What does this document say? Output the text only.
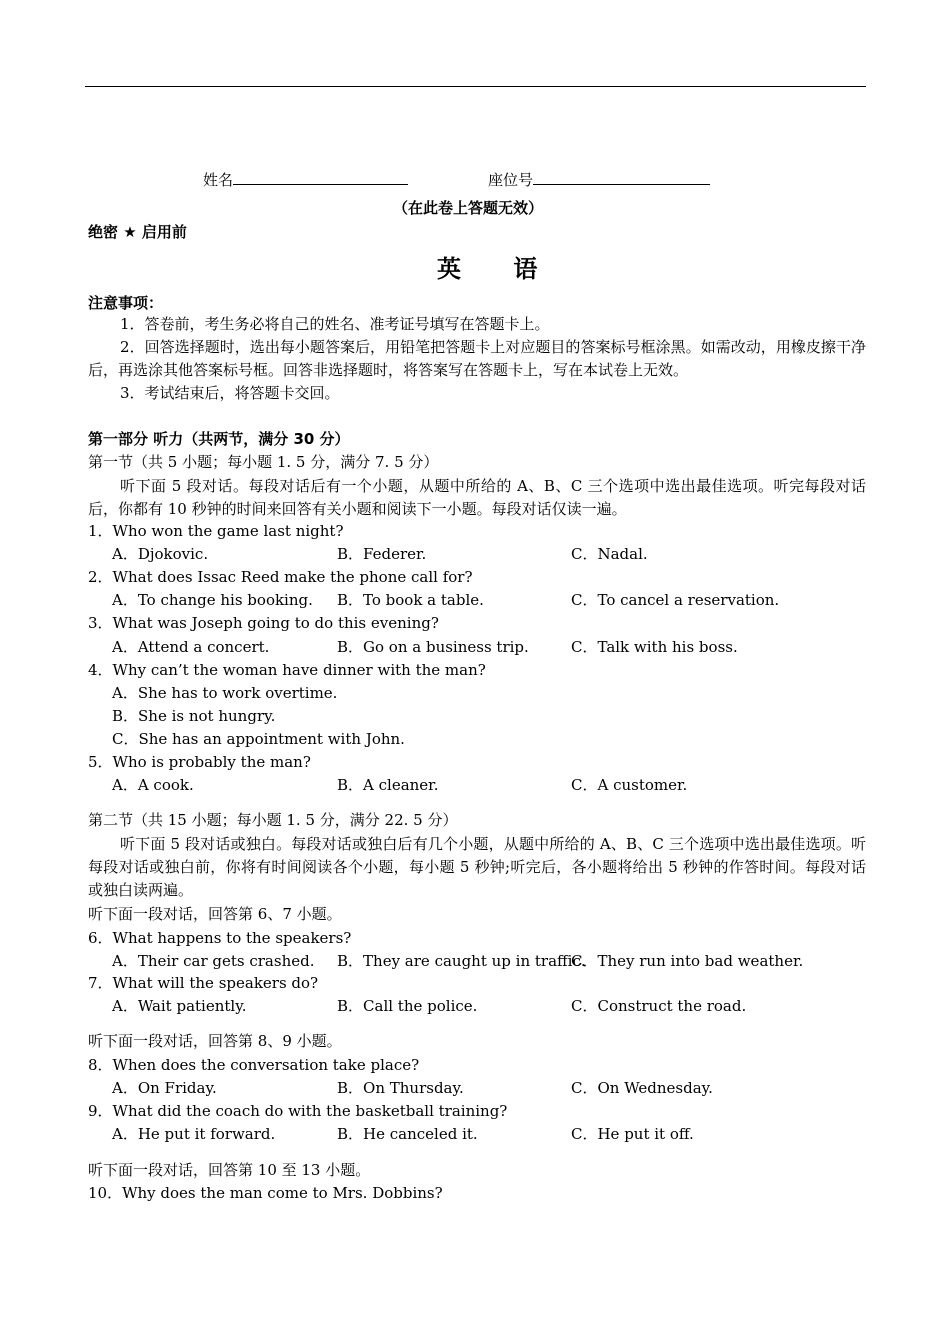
姓名	座位号
（在此卷上答题无效）
绝密 ★ 启用前
英 语
注意事项：
1．答卷前，考生务必将自己的姓名、准考证号填写在答题卡上。
2．回答选择题时，选出每小题答案后，用铅笔把答题卡上对应题目的答案标号框涂黑。如需改动，用橡皮擦干净后，再选涂其他答案标号框。回答非选择题时，将答案写在答题卡上，写在本试卷上无效。
3．考试结束后，将答题卡交回。
第一部分 听力（共两节，满分 30 分）
第一节（共 5 小题；每小题 1. 5 分，满分 7. 5 分）
听下面 5 段对话。每段对话后有一个小题，从题中所给的 A、B、C 三个选项中选出最佳选项。听完每段对话后，你都有 10 秒钟的时间来回答有关小题和阅读下一小题。每段对话仅读一遍。
1．Who won the game last night?
A．Djokovic.	B．Federer.	C．Nadal.
2．What does Issac Reed make the phone call for?
A．To change his booking. B．To book a table.	C．To cancel a reservation.
3．What was Joseph going to do this evening?
A．Attend a concert.	B．Go on a business trip.	C．Talk with his boss.
4．Why can’t the woman have dinner with the man?
A．She has to work overtime.
B．She is not hungry.
C．She has an appointment with John.
5．Who is probably the man?
A．A cook.	B．A cleaner.	C．A customer.
第二节（共 15 小题；每小题 1. 5 分，满分 22. 5 分）
听下面 5 段对话或独白。每段对话或独白后有几个小题，从题中所给的 A、B、C 三个选项中选出最佳选项。听每段对话或独白前，你将有时间阅读各个小题，每小题 5 秒钟;听完后，各小题将给出 5 秒钟的作答时间。每段对话或独白读两遍。
听下面一段对话，回答第 6、7 小题。
6．What happens to the speakers?
A．Their car gets crashed. B．They are caught up in traffic.
C．They run into bad weather.
7．What will the speakers do?
A．Wait patiently.	B．Call the police.	C．Construct the road.
听下面一段对话，回答第 8、9 小题。
8．When does the conversation take place?
A．On Friday.	B．On Thursday.	C．On Wednesday.
9．What did the coach do with the basketball training?
A．He put it forward.	B．He canceled it.	C．He put it off.
听下面一段对话，回答第 10 至 13 小题。
10．Why does the man come to Mrs. Dobbins?
